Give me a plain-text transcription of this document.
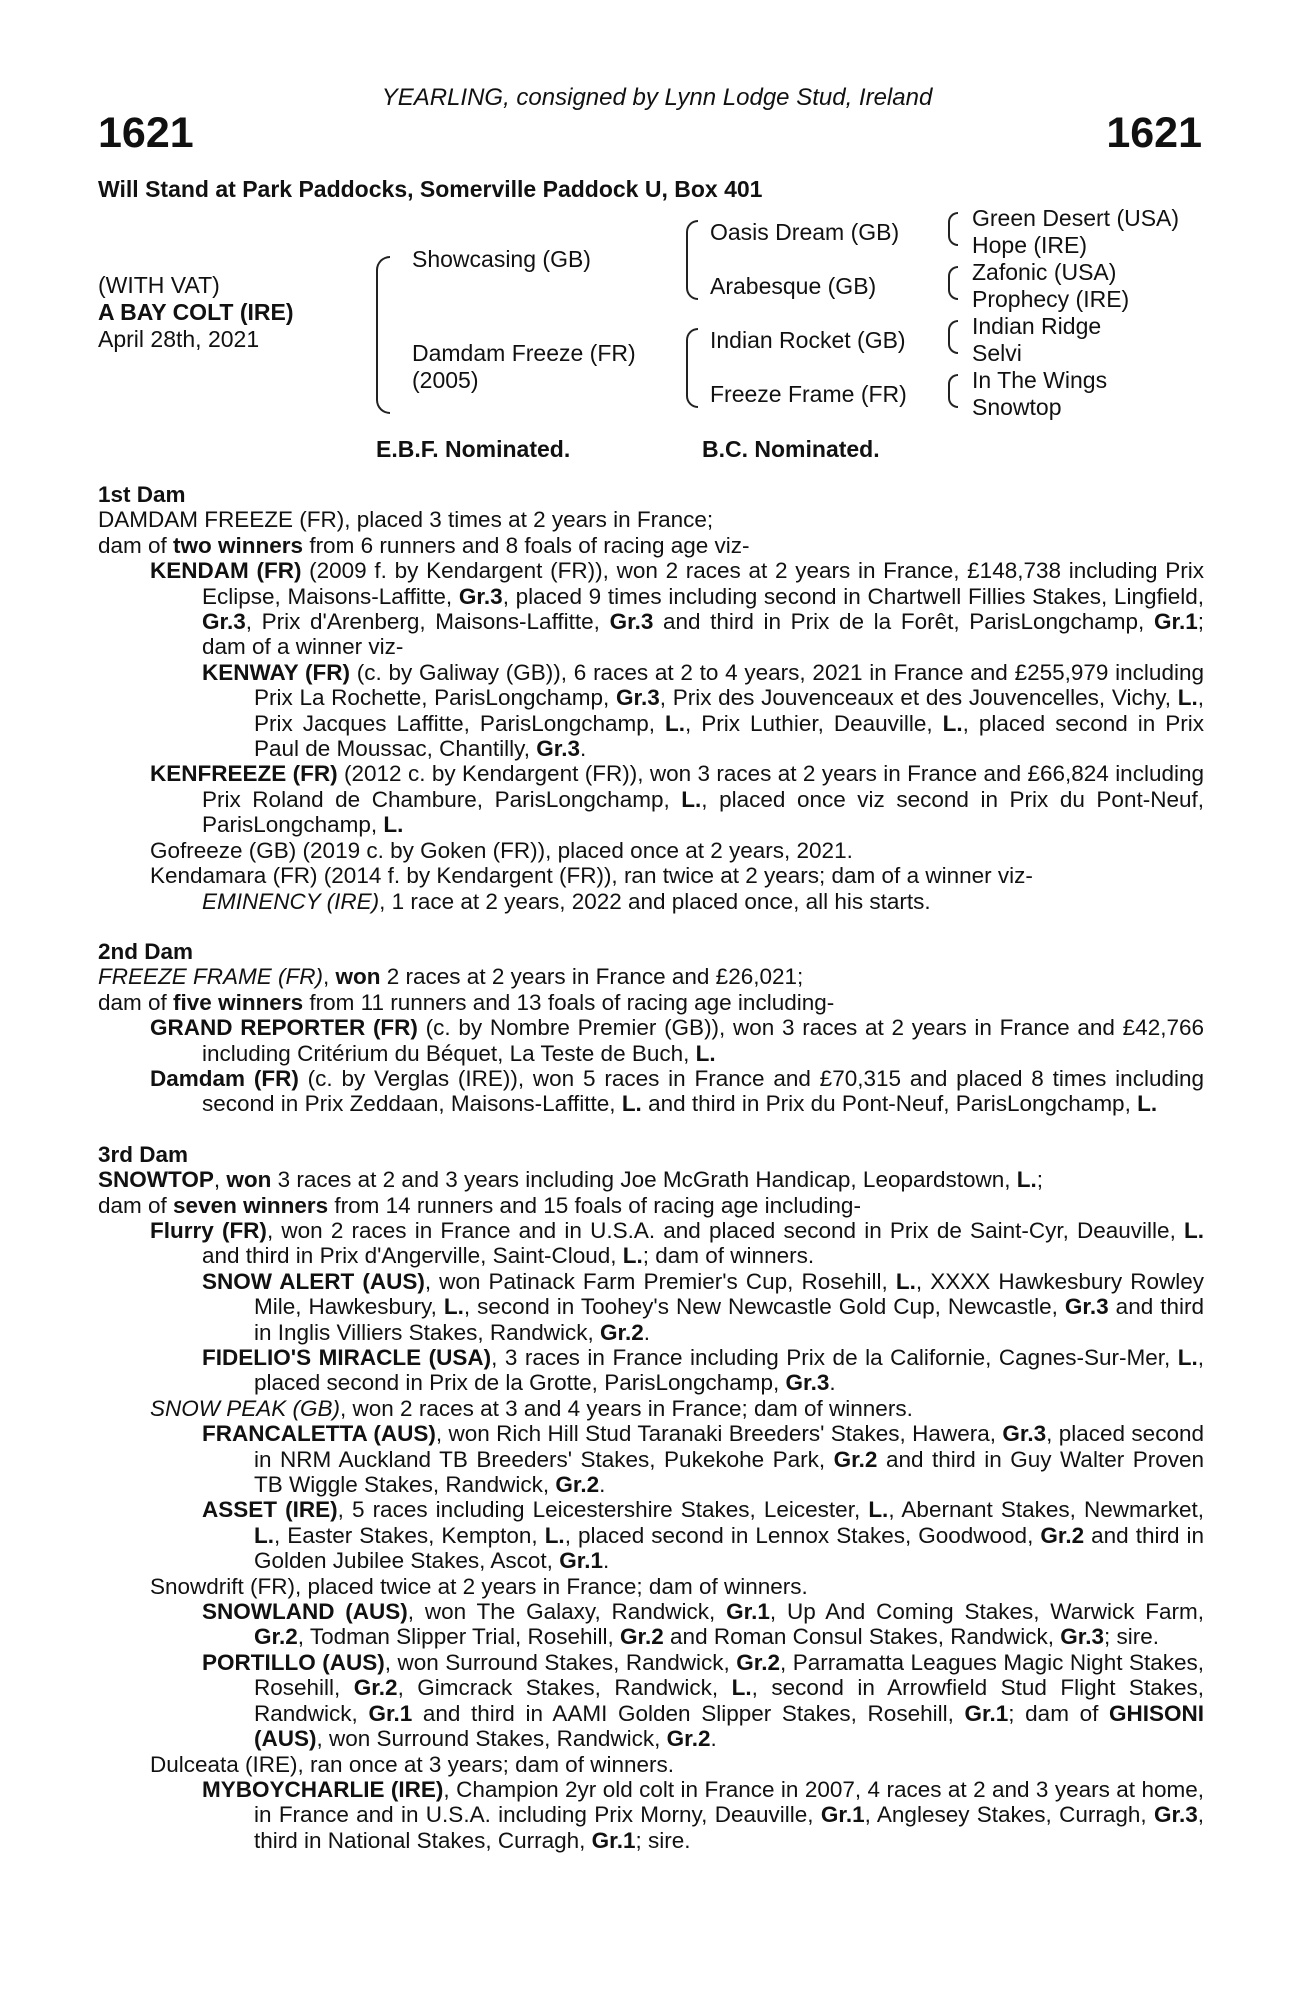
1621	1621
YEARLING, consigned by Lynn Lodge Stud, Ireland
Will Stand at Park Paddocks, Somerville Paddock U, Box 401
(WITH VAT)
A BAY COLT (IRE)
April 28th, 2021
Showcasing (GB)
Damdam Freeze (FR)
(2005)
Oasis Dream (GB)
Arabesque (GB)
Indian Rocket (GB)
Freeze Frame (FR)
Green Desert (USA)
Hope (IRE)
Zafonic (USA)
Prophecy (IRE)
Indian Ridge
Selvi
In The Wings
Snowtop
E.B.F. Nominated.	B.C. Nominated.

1st Dam

DAMDAM FREEZE (FR), placed 3 times at 2 years in France;

dam of two winners from 6 runners and 8 foals of racing age viz-

KENDAM (FR) (2009 f. by Kendargent (FR)), won 2 races at 2 years in France, £148,738 including Prix Eclipse, Maisons-Laffitte, Gr.3, placed 9 times including second in Chartwell Fillies Stakes, Lingfield, Gr.3, Prix d'Arenberg, Maisons-Laffitte, Gr.3 and third in Prix de la Forêt, ParisLongchamp, Gr.1; dam of a winner viz-

KENWAY (FR) (c. by Galiway (GB)), 6 races at 2 to 4 years, 2021 in France and £255,979 including Prix La Rochette, ParisLongchamp, Gr.3, Prix des Jouvenceaux et des Jouvencelles, Vichy, L., Prix Jacques Laffitte, ParisLongchamp, L., Prix Luthier, Deauville, L., placed second in Prix Paul de Moussac, Chantilly, Gr.3.

KENFREEZE (FR) (2012 c. by Kendargent (FR)), won 3 races at 2 years in France and £66,824 including Prix Roland de Chambure, ParisLongchamp, L., placed once viz second in Prix du Pont-Neuf, ParisLongchamp, L.

Gofreeze (GB) (2019 c. by Goken (FR)), placed once at 2 years, 2021.

Kendamara (FR) (2014 f. by Kendargent (FR)), ran twice at 2 years; dam of a winner viz-

EMINENCY (IRE), 1 race at 2 years, 2022 and placed once, all his starts.

2nd Dam

FREEZE FRAME (FR), won 2 races at 2 years in France and £26,021;

dam of five winners from 11 runners and 13 foals of racing age including-

GRAND REPORTER (FR) (c. by Nombre Premier (GB)), won 3 races at 2 years in France and £42,766 including Critérium du Béquet, La Teste de Buch, L.

Damdam (FR) (c. by Verglas (IRE)), won 5 races in France and £70,315 and placed 8 times including second in Prix Zeddaan, Maisons-Laffitte, L. and third in Prix du Pont-Neuf, ParisLongchamp, L.

3rd Dam

SNOWTOP, won 3 races at 2 and 3 years including Joe McGrath Handicap, Leopardstown, L.;

dam of seven winners from 14 runners and 15 foals of racing age including-

Flurry (FR), won 2 races in France and in U.S.A. and placed second in Prix de Saint-Cyr, Deauville, L. and third in Prix d'Angerville, Saint-Cloud, L.; dam of winners.

SNOW ALERT (AUS), won Patinack Farm Premier's Cup, Rosehill, L., XXXX Hawkesbury Rowley Mile, Hawkesbury, L., second in Toohey's New Newcastle Gold Cup, Newcastle, Gr.3 and third in Inglis Villiers Stakes, Randwick, Gr.2.

FIDELIO'S MIRACLE (USA), 3 races in France including Prix de la Californie, Cagnes-Sur-Mer, L., placed second in Prix de la Grotte, ParisLongchamp, Gr.3.

SNOW PEAK (GB), won 2 races at 3 and 4 years in France; dam of winners.

FRANCALETTA (AUS), won Rich Hill Stud Taranaki Breeders' Stakes, Hawera, Gr.3, placed second in NRM Auckland TB Breeders' Stakes, Pukekohe Park, Gr.2 and third in Guy Walter Proven TB Wiggle Stakes, Randwick, Gr.2.

ASSET (IRE), 5 races including Leicestershire Stakes, Leicester, L., Abernant Stakes, Newmarket, L., Easter Stakes, Kempton, L., placed second in Lennox Stakes, Goodwood, Gr.2 and third in Golden Jubilee Stakes, Ascot, Gr.1.

Snowdrift (FR), placed twice at 2 years in France; dam of winners.

SNOWLAND (AUS), won The Galaxy, Randwick, Gr.1, Up And Coming Stakes, Warwick Farm, Gr.2, Todman Slipper Trial, Rosehill, Gr.2 and Roman Consul Stakes, Randwick, Gr.3; sire.

PORTILLO (AUS), won Surround Stakes, Randwick, Gr.2, Parramatta Leagues Magic Night Stakes, Rosehill, Gr.2, Gimcrack Stakes, Randwick, L., second in Arrowfield Stud Flight Stakes, Randwick, Gr.1 and third in AAMI Golden Slipper Stakes, Rosehill, Gr.1; dam of GHISONI (AUS), won Surround Stakes, Randwick, Gr.2.

Dulceata (IRE), ran once at 3 years; dam of winners.

MYBOYCHARLIE (IRE), Champion 2yr old colt in France in 2007, 4 races at 2 and 3 years at home, in France and in U.S.A. including Prix Morny, Deauville, Gr.1, Anglesey Stakes, Curragh, Gr.3, third in National Stakes, Curragh, Gr.1; sire.
